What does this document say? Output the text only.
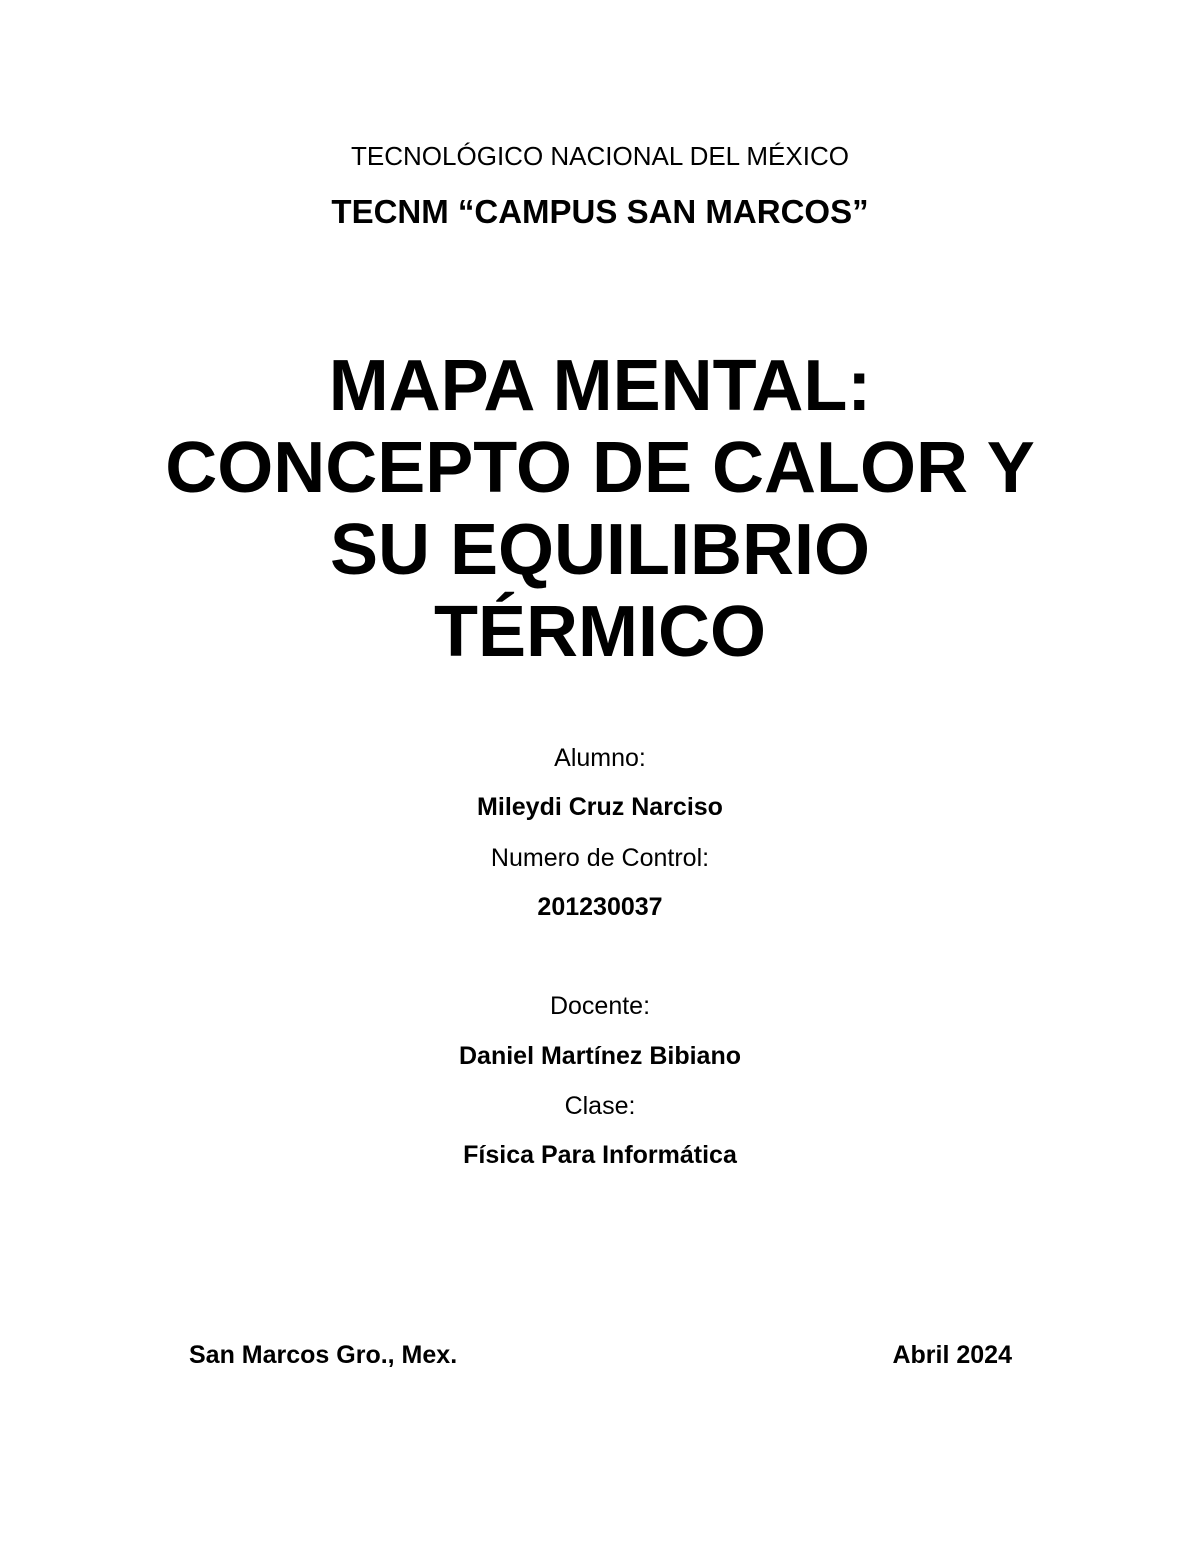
TECNOLÓGICO NACIONAL DEL MÉXICO
TECNM “CAMPUS SAN MARCOS”
MAPA MENTAL:
CONCEPTO DE CALOR Y
SU EQUILIBRIO
TÉRMICO
Alumno:
Mileydi Cruz Narciso
Numero de Control:
201230037
Docente:
Daniel Martínez Bibiano
Clase:
Física Para Informática
San Marcos Gro., Mex.	Abril 2024
